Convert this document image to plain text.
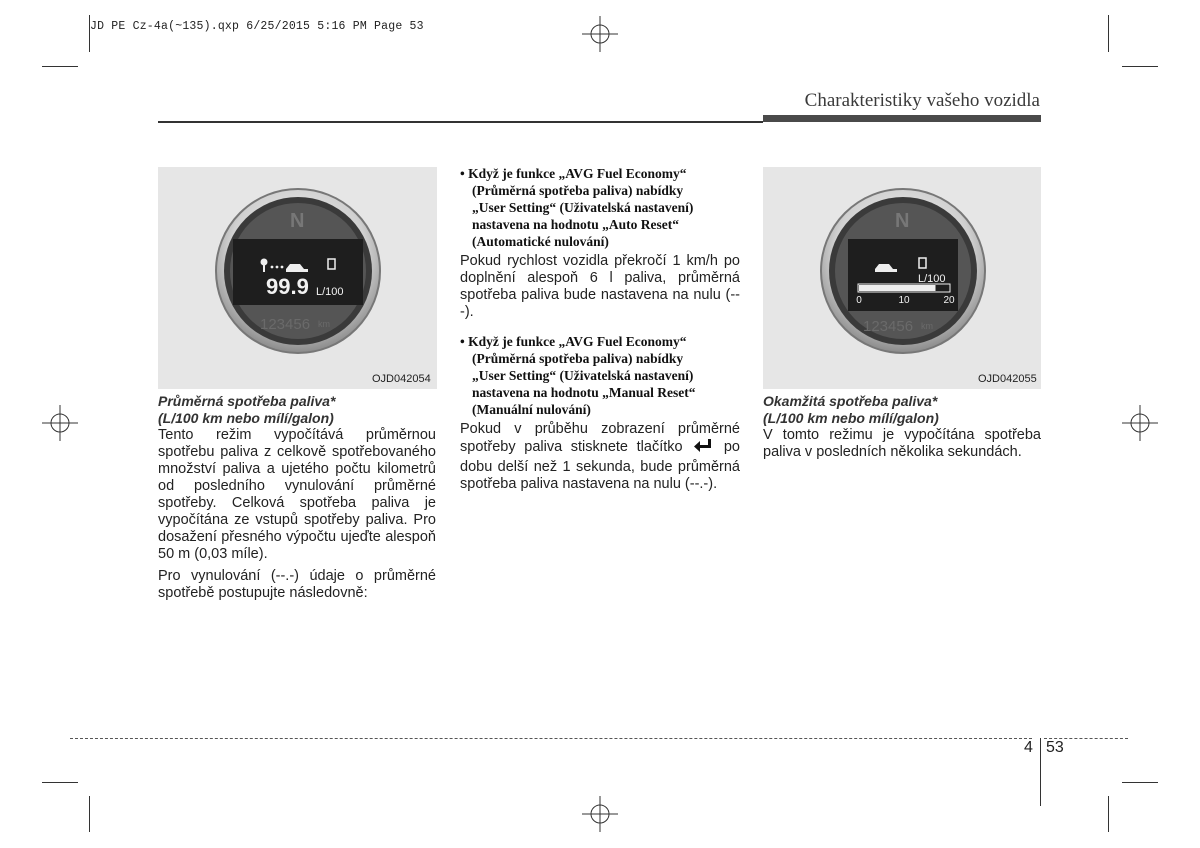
JD PE Cz-4a(~135).qxp 6/25/2015 5:16 PM Page 53
Charakteristiky vašeho vozidla
N
99.9 L/100
123456 km
OJD042054
Průměrná spotřeba paliva*
(L/100 km nebo mílí/galon)

Tento režim vypočítává průměrnou spotřebu paliva z celkově spotřebovaného množství paliva a ujetého počtu kilometrů od posledního vynulování průměrné spotřeby. Celková spotřeba paliva je vypočítána ze vstupů spotřeby paliva. Pro dosažení přesného výpočtu ujeďte alespoň 50 m (0,03 míle).

Pro vynulování (--.-) údaje o průměrné spotřebě postupujte následovně:

• Když je funkce „AVG Fuel Economy“
(Průměrná spotřeba paliva) nabídky
„User Setting“ (Uživatelská nastavení)
nastavena na hodnotu „Auto Reset“
(Automatické nulování)

Pokud rychlost vozidla překročí 1 km/h po doplnění alespoň 6 l paliva, průměrná spotřeba paliva bude nastavena na nulu (---).

• Když je funkce „AVG Fuel Economy“
(Průměrná spotřeba paliva) nabídky
„User Setting“ (Uživatelská nastavení)
nastavena na hodnotu „Manual Reset“
(Manuální nulování)

Pokud v průběhu zobrazení průměrné spotřeby paliva stisknete tlačítko	po dobu delší než 1 sekunda, bude průměrná spotřeba paliva nastavena na nulu (--.-).

N
L/100
0	10	20
123456 km
OJD042055
Okamžitá spotřeba paliva*
(L/100 km nebo mílí/galon)

V tomto režimu je vypočítána spotřeba paliva v posledních několika sekundách.

4 53
